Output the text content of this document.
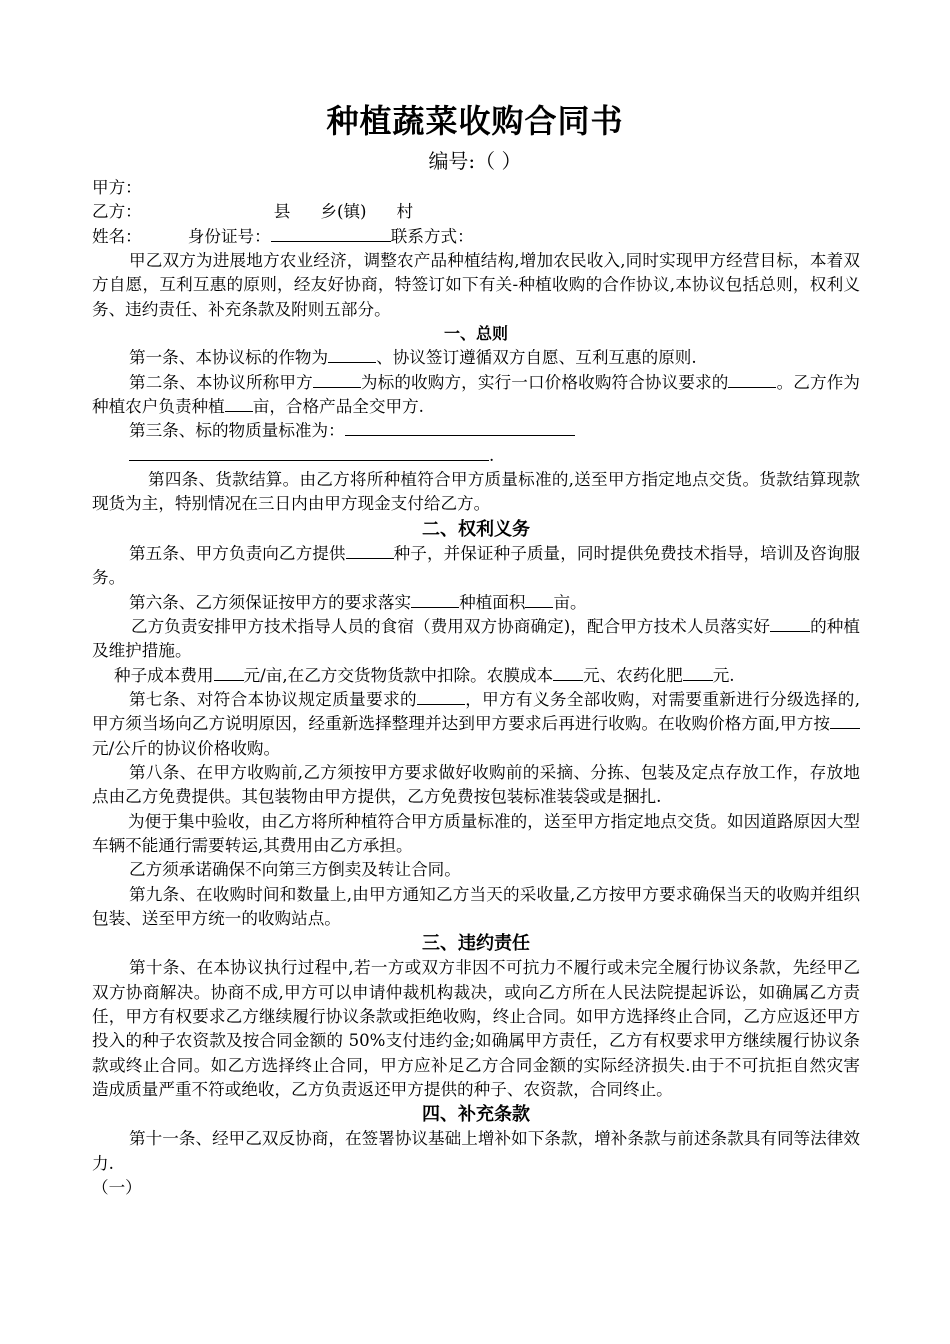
种植蔬菜收购合同书
编号:（ ）

甲方：

乙方：	县 乡(镇) 村

姓名：	身份证号：	联系方式：

甲乙双方为进展地方农业经济，调整农产品种植结构,增加农民收入,同时实现甲方经营目标，本着双方自愿，互利互惠的原则，经友好协商，特签订如下有关-种植收购的合作协议,本协议包括总则，权利义务、违约责任、补充条款及附则五部分。

一、总则

第一条、本协议标的作物为	、协议签订遵循双方自愿、互利互惠的原则.

第二条、本协议所称甲方	为标的收购方，实行一口价格收购符合协议要求的	。乙方作为种植农户负责种植 亩，合格产品全交甲方.

第三条、标的物质量标准为：

.

第四条、货款结算。由乙方将所种植符合甲方质量标准的,送至甲方指定地点交货。货款结算现款现货为主，特别情况在三日内由甲方现金支付给乙方。

二、权利义务

第五条、甲方负责向乙方提供	种子，并保证种子质量，同时提供免费技术指导，培训及咨询服务。

第六条、乙方须保证按甲方的要求落实	种植面积 亩。

乙方负责安排甲方技术指导人员的食宿（费用双方协商确定)，配合甲方技术人员落实好 的种植及维护措施。

种子成本费用 元/亩,在乙方交货物货款中扣除。农膜成本 元、农药化肥 元.

第七条、对符合本协议规定质量要求的	，甲方有义务全部收购，对需要重新进行分级选择的,甲方须当场向乙方说明原因，经重新选择整理并达到甲方要求后再进行收购。在收购价格方面,甲方按元/公斤的协议价格收购。

第八条、在甲方收购前,乙方须按甲方要求做好收购前的采摘、分拣、包装及定点存放工作，存放地点由乙方免费提供。其包装物由甲方提供，乙方免费按包装标准装袋或是捆扎.

为便于集中验收，由乙方将所种植符合甲方质量标准的，送至甲方指定地点交货。如因道路原因大型车辆不能通行需要转运,其费用由乙方承担。

乙方须承诺确保不向第三方倒卖及转让合同。

第九条、在收购时间和数量上,由甲方通知乙方当天的采收量,乙方按甲方要求确保当天的收购并组织包装、送至甲方统一的收购站点。

三、违约责任

第十条、在本协议执行过程中,若一方或双方非因不可抗力不履行或未完全履行协议条款，先经甲乙双方协商解决。协商不成,甲方可以申请仲裁机构裁决，或向乙方所在人民法院提起诉讼，如确属乙方责任，甲方有权要求乙方继续履行协议条款或拒绝收购，终止合同。如甲方选择终止合同，乙方应返还甲方投入的种子农资款及按合同金额的 50%支付违约金;如确属甲方责任，乙方有权要求甲方继续履行协议条款或终止合同。如乙方选择终止合同，甲方应补足乙方合同金额的实际经济损失.由于不可抗拒自然灾害造成质量严重不符或绝收，乙方负责返还甲方提供的种子、农资款，合同终止。

四、补充条款

第十一条、经甲乙双反协商，在签署协议基础上增补如下条款，增补条款与前述条款具有同等法律效力.

（一）
